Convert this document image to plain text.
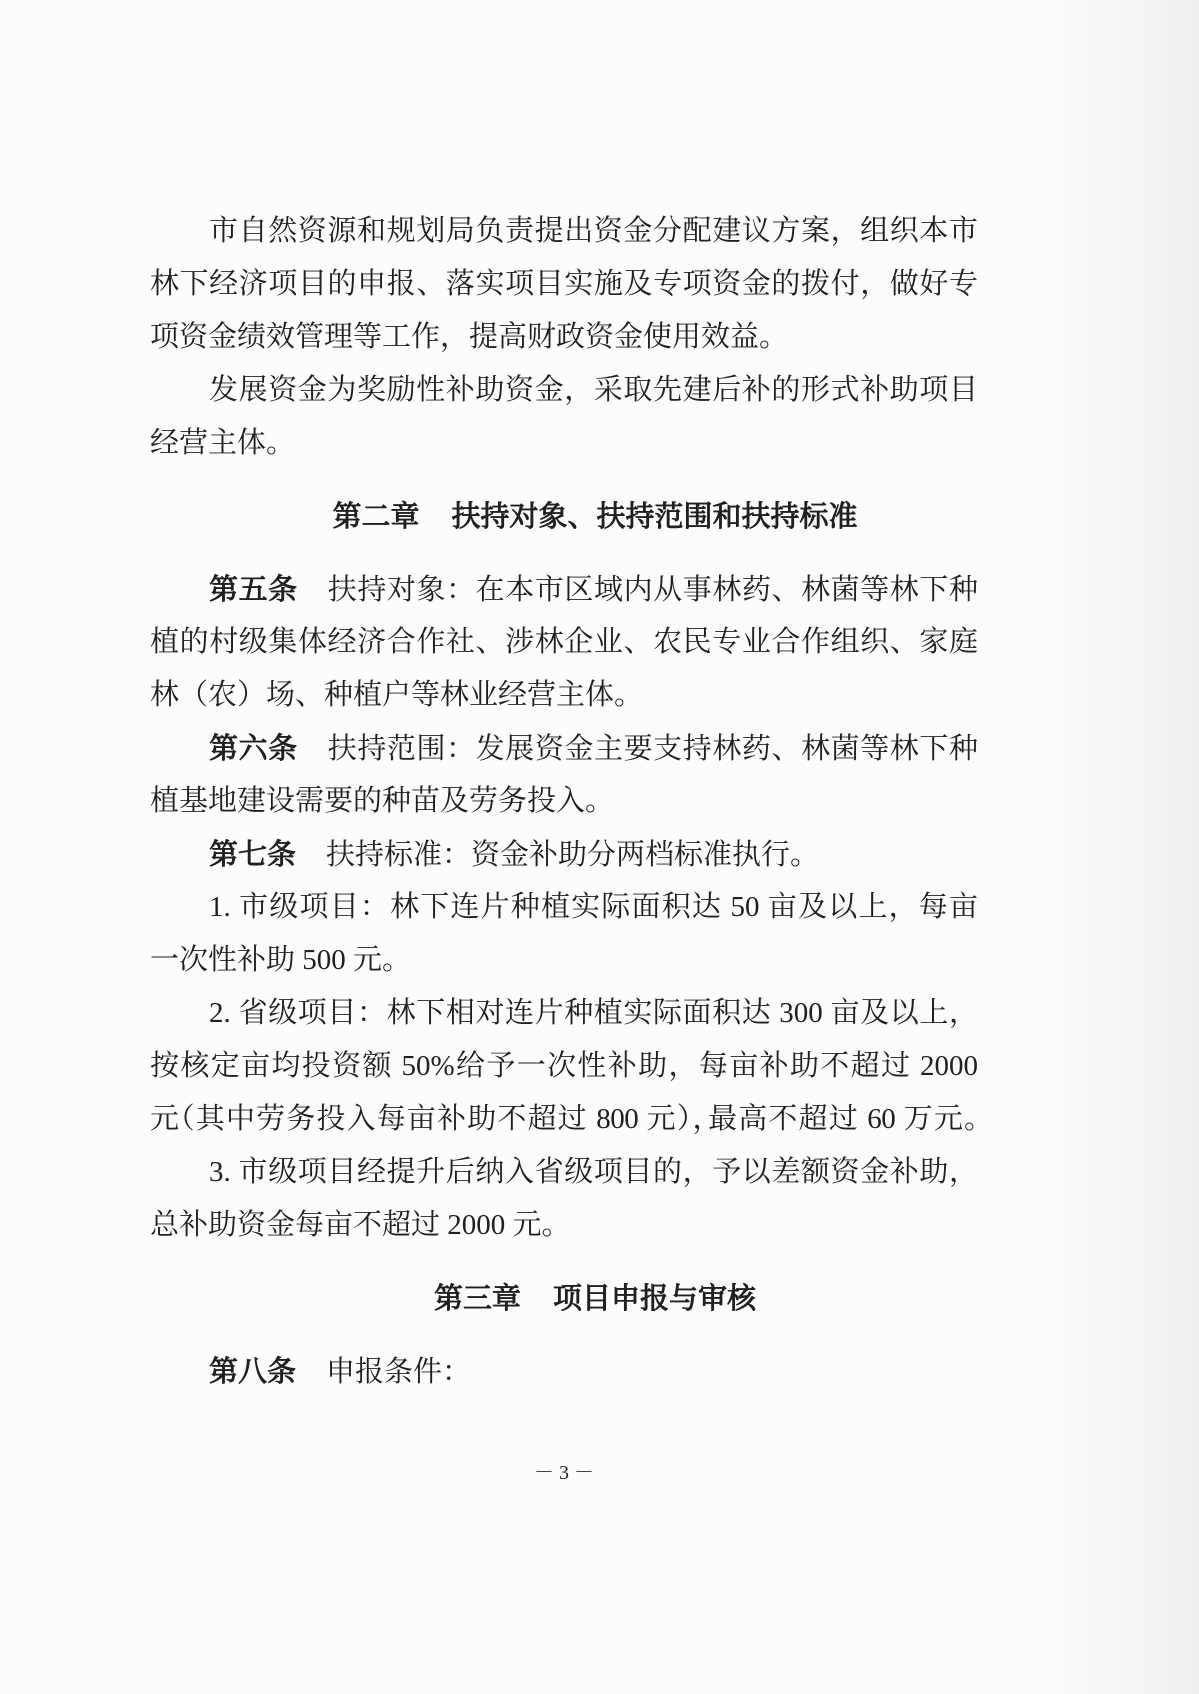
市自然资源和规划局负责提出资金分配建议方案，组织本市
林下经济项目的申报、落实项目实施及专项资金的拨付，做好专
项资金绩效管理等工作，提高财政资金使用效益。
发展资金为奖励性补助资金，采取先建后补的形式补助项目
经营主体。
第二章 扶持对象、扶持范围和扶持标准
第五条 扶持对象：在本市区域内从事林药、林菌等林下种
植的村级集体经济合作社、涉林企业、农民专业合作组织、家庭
林（农）场、种植户等林业经营主体。
第六条 扶持范围：发展资金主要支持林药、林菌等林下种
植基地建设需要的种苗及劳务投入。
第七条 扶持标准：资金补助分两档标准执行。
1. 市级项目：林下连片种植实际面积达 50 亩及以上，每亩
一次性补助 500 元。
2. 省级项目：林下相对连片种植实际面积达 300 亩及以上，
按核定亩均投资额 50%给予一次性补助，每亩补助不超过 2000
元（其中劳务投入每亩补助不超过 800 元），最高不超过 60 万元。
3. 市级项目经提升后纳入省级项目的，予以差额资金补助，
总补助资金每亩不超过 2000 元。
第三章 项目申报与审核
第八条 申报条件：
－ 3 －
